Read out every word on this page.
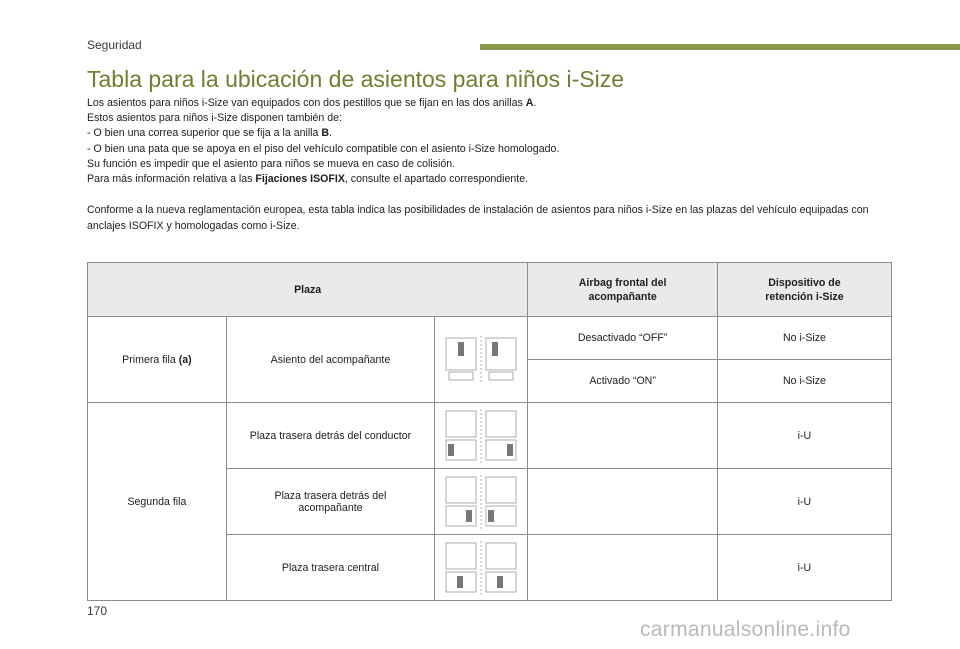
Seguridad
Tabla para la ubicación de asientos para niños i-Size

Los asientos para niños i-Size van equipados con dos pestillos que se fijan en las dos anillas A.

Estos asientos para niños i-Size disponen también de:

- O bien una correa superior que se fija a la anilla B.

- O bien una pata que se apoya en el piso del vehículo compatible con el asiento i-Size homologado.

Su función es impedir que el asiento para niños se mueva en caso de colisión.

Para más información relativa a las Fijaciones ISOFIX, consulte el apartado correspondiente.

Conforme a la nueva reglamentación europea, esta tabla indica las posibilidades de instalación de asientos para niños i-Size en las plazas del vehículo equipadas con anclajes ISOFIX y homologadas como i-Size.

Plaza			Airbag frontal del acompañante	Dispositivo de retención i-Size

Primera fila (a)	Asiento del acompañante		Desactivado “OFF”	No i-Size
			Activado “ON”	No i-Size
Segunda fila	Plaza trasera detrás del conductor			i-U

	Plaza trasera detrás del acompañante			i-U
	Plaza trasera central			i-U
170
carmanualsonline.info
